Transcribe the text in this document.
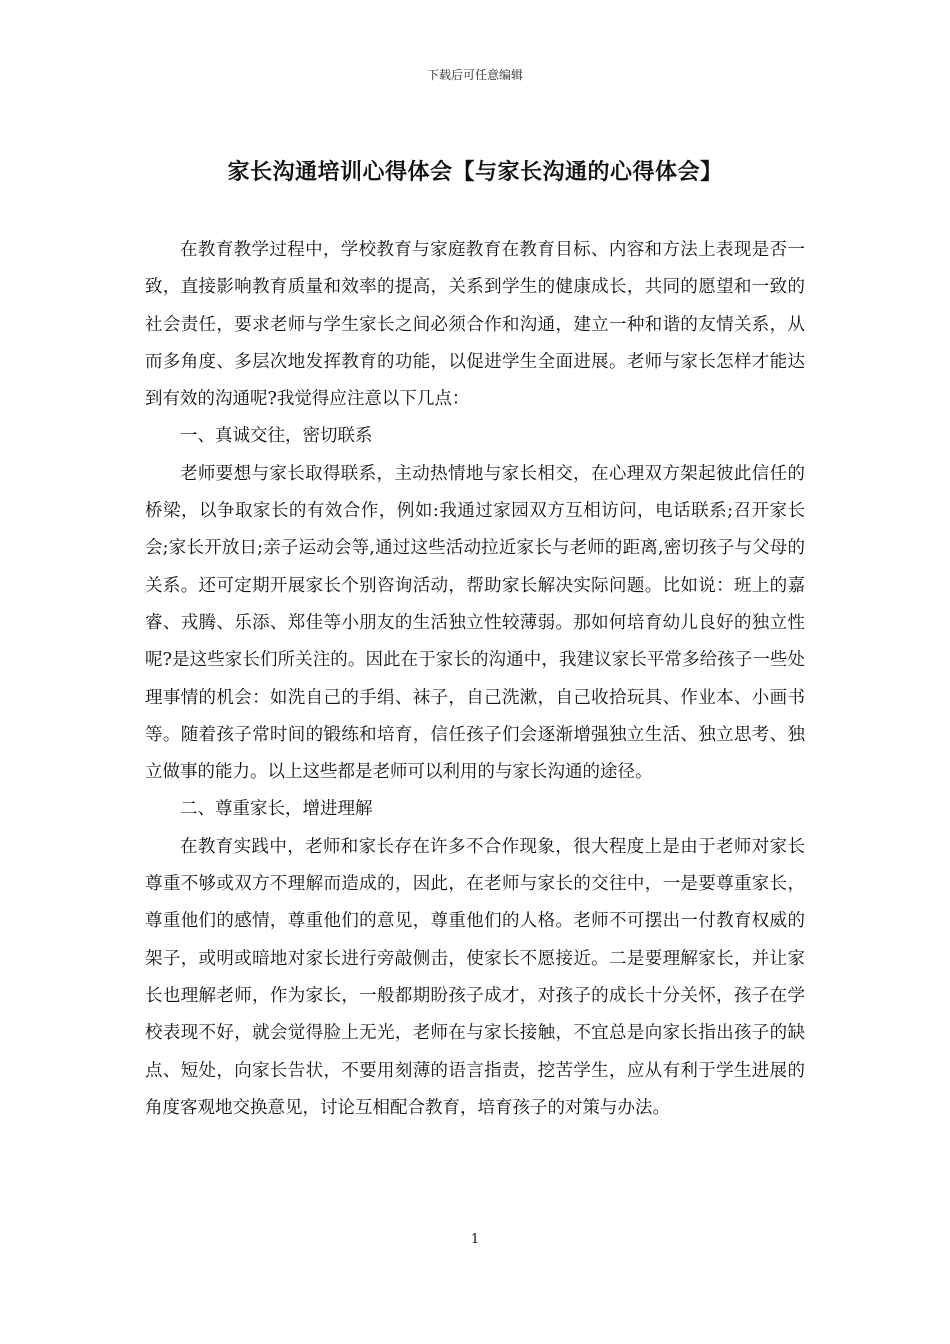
下载后可任意编辑
家长沟通培训心得体会【与家长沟通的心得体会】

在教育教学过程中，学校教育与家庭教育在教育目标、内容和方法上表现是否一致，直接影响教育质量和效率的提高，关系到学生的健康成长，共同的愿望和一致的社会责任，要求老师与学生家长之间必须合作和沟通，建立一种和谐的友情关系，从而多角度、多层次地发挥教育的功能，以促进学生全面进展。老师与家长怎样才能达到有效的沟通呢?我觉得应注意以下几点：

一、真诚交往，密切联系

老师要想与家长取得联系，主动热情地与家长相交，在心理双方架起彼此信任的桥梁，以争取家长的有效合作，例如:我通过家园双方互相访问，电话联系;召开家长会;家长开放日;亲子运动会等,通过这些活动拉近家长与老师的距离,密切孩子与父母的关系。还可定期开展家长个别咨询活动，帮助家长解决实际问题。比如说：班上的嘉睿、戎腾、乐添、郑佳等小朋友的生活独立性较薄弱。那如何培育幼儿良好的独立性呢?是这些家长们所关注的。因此在于家长的沟通中，我建议家长平常多给孩子一些处理事情的机会：如洗自己的手绢、袜子，自己洗漱，自己收拾玩具、作业本、小画书等。随着孩子常时间的锻练和培育，信任孩子们会逐渐增强独立生活、独立思考、独立做事的能力。以上这些都是老师可以利用的与家长沟通的途径。

二、尊重家长，增进理解

在教育实践中，老师和家长存在许多不合作现象，很大程度上是由于老师对家长尊重不够或双方不理解而造成的，因此，在老师与家长的交往中，一是要尊重家长，尊重他们的感情，尊重他们的意见，尊重他们的人格。老师不可摆出一付教育权威的架子，或明或暗地对家长进行旁敲侧击，使家长不愿接近。二是要理解家长，并让家长也理解老师，作为家长，一般都期盼孩子成才，对孩子的成长十分关怀，孩子在学校表现不好，就会觉得脸上无光，老师在与家长接触，不宜总是向家长指出孩子的缺点、短处，向家长告状，不要用刻薄的语言指责，挖苦学生，应从有利于学生进展的角度客观地交换意见，讨论互相配合教育，培育孩子的对策与办法。

1
